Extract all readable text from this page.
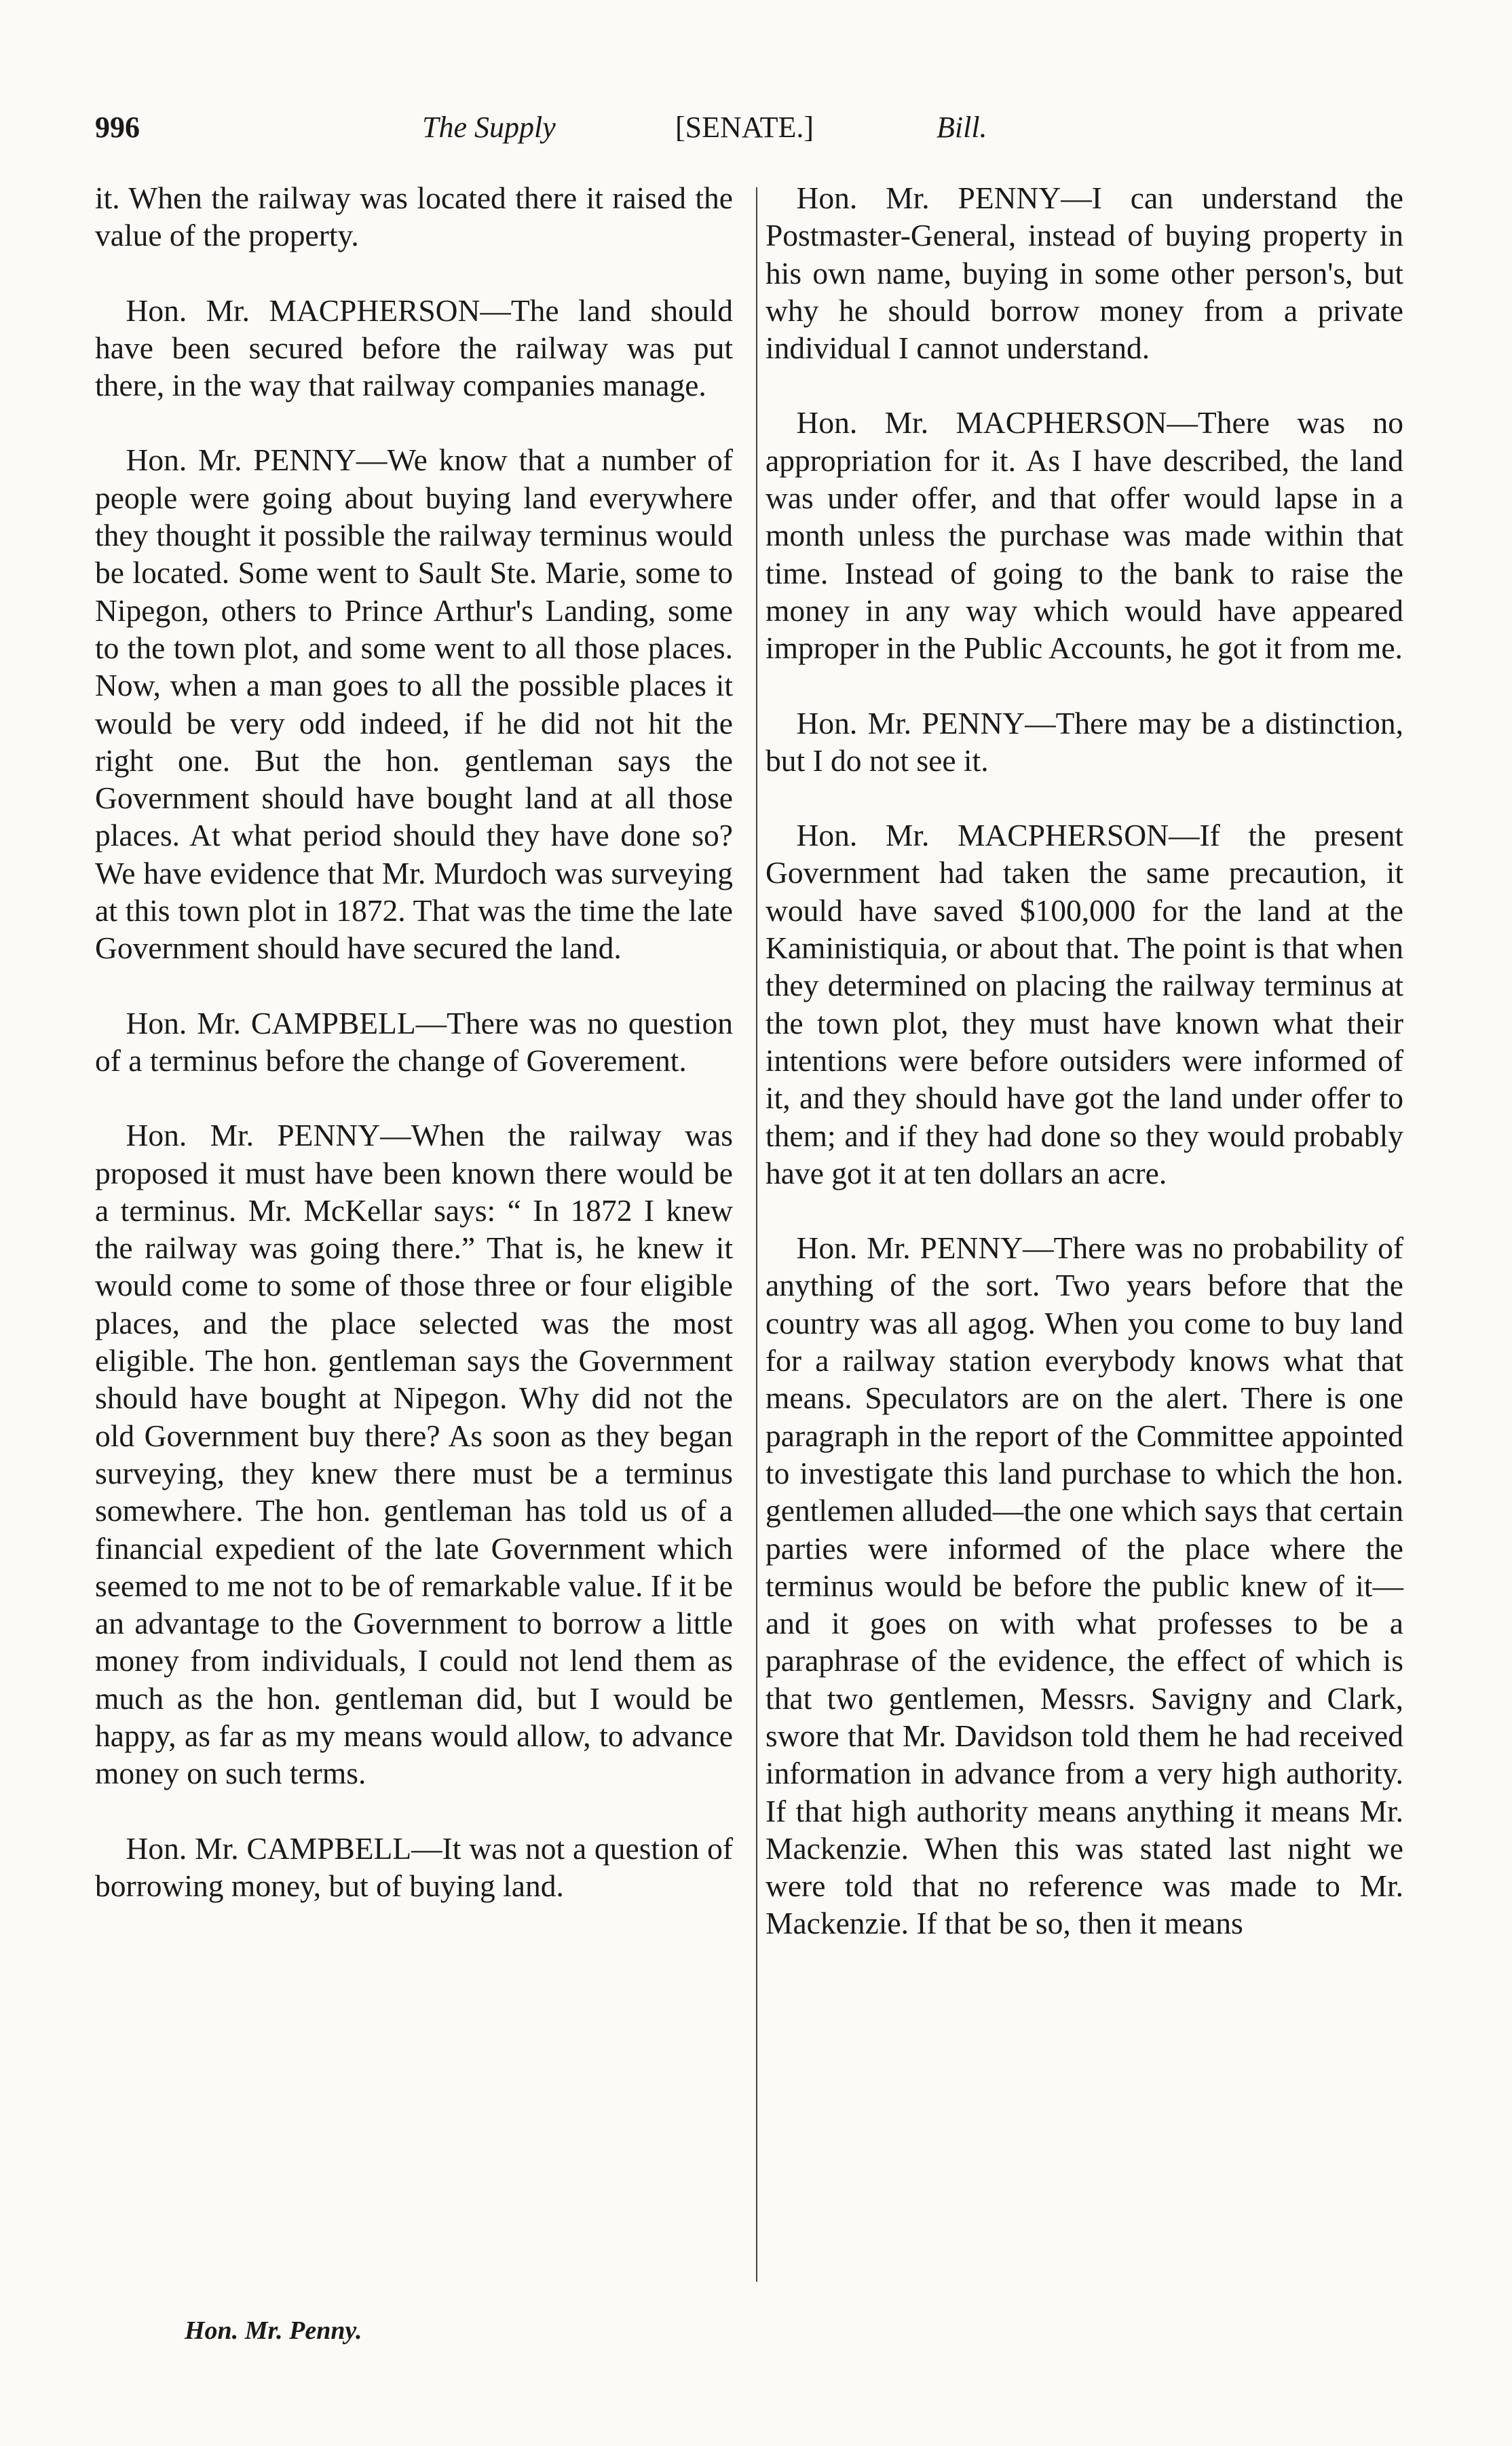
996	The Supply	[SENATE.]	Bill.

it. When the railway was located there it raised the value of the property.

 Hon. Mr. MACPHERSON—The land should have been secured before the railway was put there, in the way that railway companies manage.

 Hon. Mr. PENNY—We know that a number of people were going about buying land everywhere they thought it possible the railway terminus would be located. Some went to Sault Ste. Marie, some to Nipegon, others to Prince Arthur's Landing, some to the town plot, and some went to all those places. Now, when a man goes to all the possible places it would be very odd indeed, if he did not hit the right one. But the hon. gentleman says the Government should have bought land at all those places. At what period should they have done so? We have evidence that Mr. Murdoch was surveying at this town plot in 1872. That was the time the late Government should have secured the land.

 Hon. Mr. CAMPBELL—There was no question of a terminus before the change of Goverement.

 Hon. Mr. PENNY—When the railway was proposed it must have been known there would be a terminus. Mr. McKellar says: “ In 1872 I knew the railway was going there.” That is, he knew it would come to some of those three or four eligible places, and the place selected was the most eligible. The hon. gentleman says the Government should have bought at Nipegon. Why did not the old Government buy there? As soon as they began surveying, they knew there must be a terminus somewhere. The hon. gentleman has told us of a financial expedient of the late Government which seemed to me not to be of remarkable value. If it be an advantage to the Government to borrow a little money from individuals, I could not lend them as much as the hon. gentleman did, but I would be happy, as far as my means would allow, to advance money on such terms.

 Hon. Mr. CAMPBELL—It was not a question of borrowing money, but of buying land.

 Hon. Mr. PENNY—I can understand the Postmaster-General, instead of buying property in his own name, buying in some other person's, but why he should borrow money from a private individual I cannot understand.

 Hon. Mr. MACPHERSON—There was no appropriation for it. As I have described, the land was under offer, and that offer would lapse in a month unless the purchase was made within that time. Instead of going to the bank to raise the money in any way which would have appeared improper in the Public Accounts, he got it from me.

 Hon. Mr. PENNY—There may be a distinction, but I do not see it.

 Hon. Mr. MACPHERSON—If the present Government had taken the same precaution, it would have saved $100,000 for the land at the Kaministiquia, or about that. The point is that when they determined on placing the railway terminus at the town plot, they must have known what their intentions were before outsiders were informed of it, and they should have got the land under offer to them; and if they had done so they would probably have got it at ten dollars an acre.

 Hon. Mr. PENNY—There was no probability of anything of the sort. Two years before that the country was all agog. When you come to buy land for a railway station everybody knows what that means. Speculators are on the alert. There is one paragraph in the report of the Committee appointed to investigate this land purchase to which the hon. gentlemen alluded—the one which says that certain parties were informed of the place where the terminus would be before the public knew of it—and it goes on with what professes to be a paraphrase of the evidence, the effect of which is that two gentlemen, Messrs. Savigny and Clark, swore that Mr. Davidson told them he had received information in advance from a very high authority. If that high authority means anything it means Mr. Mackenzie. When this was stated last night we were told that no reference was made to Mr. Mackenzie. If that be so, then it means

Hon. Mr. Penny.
